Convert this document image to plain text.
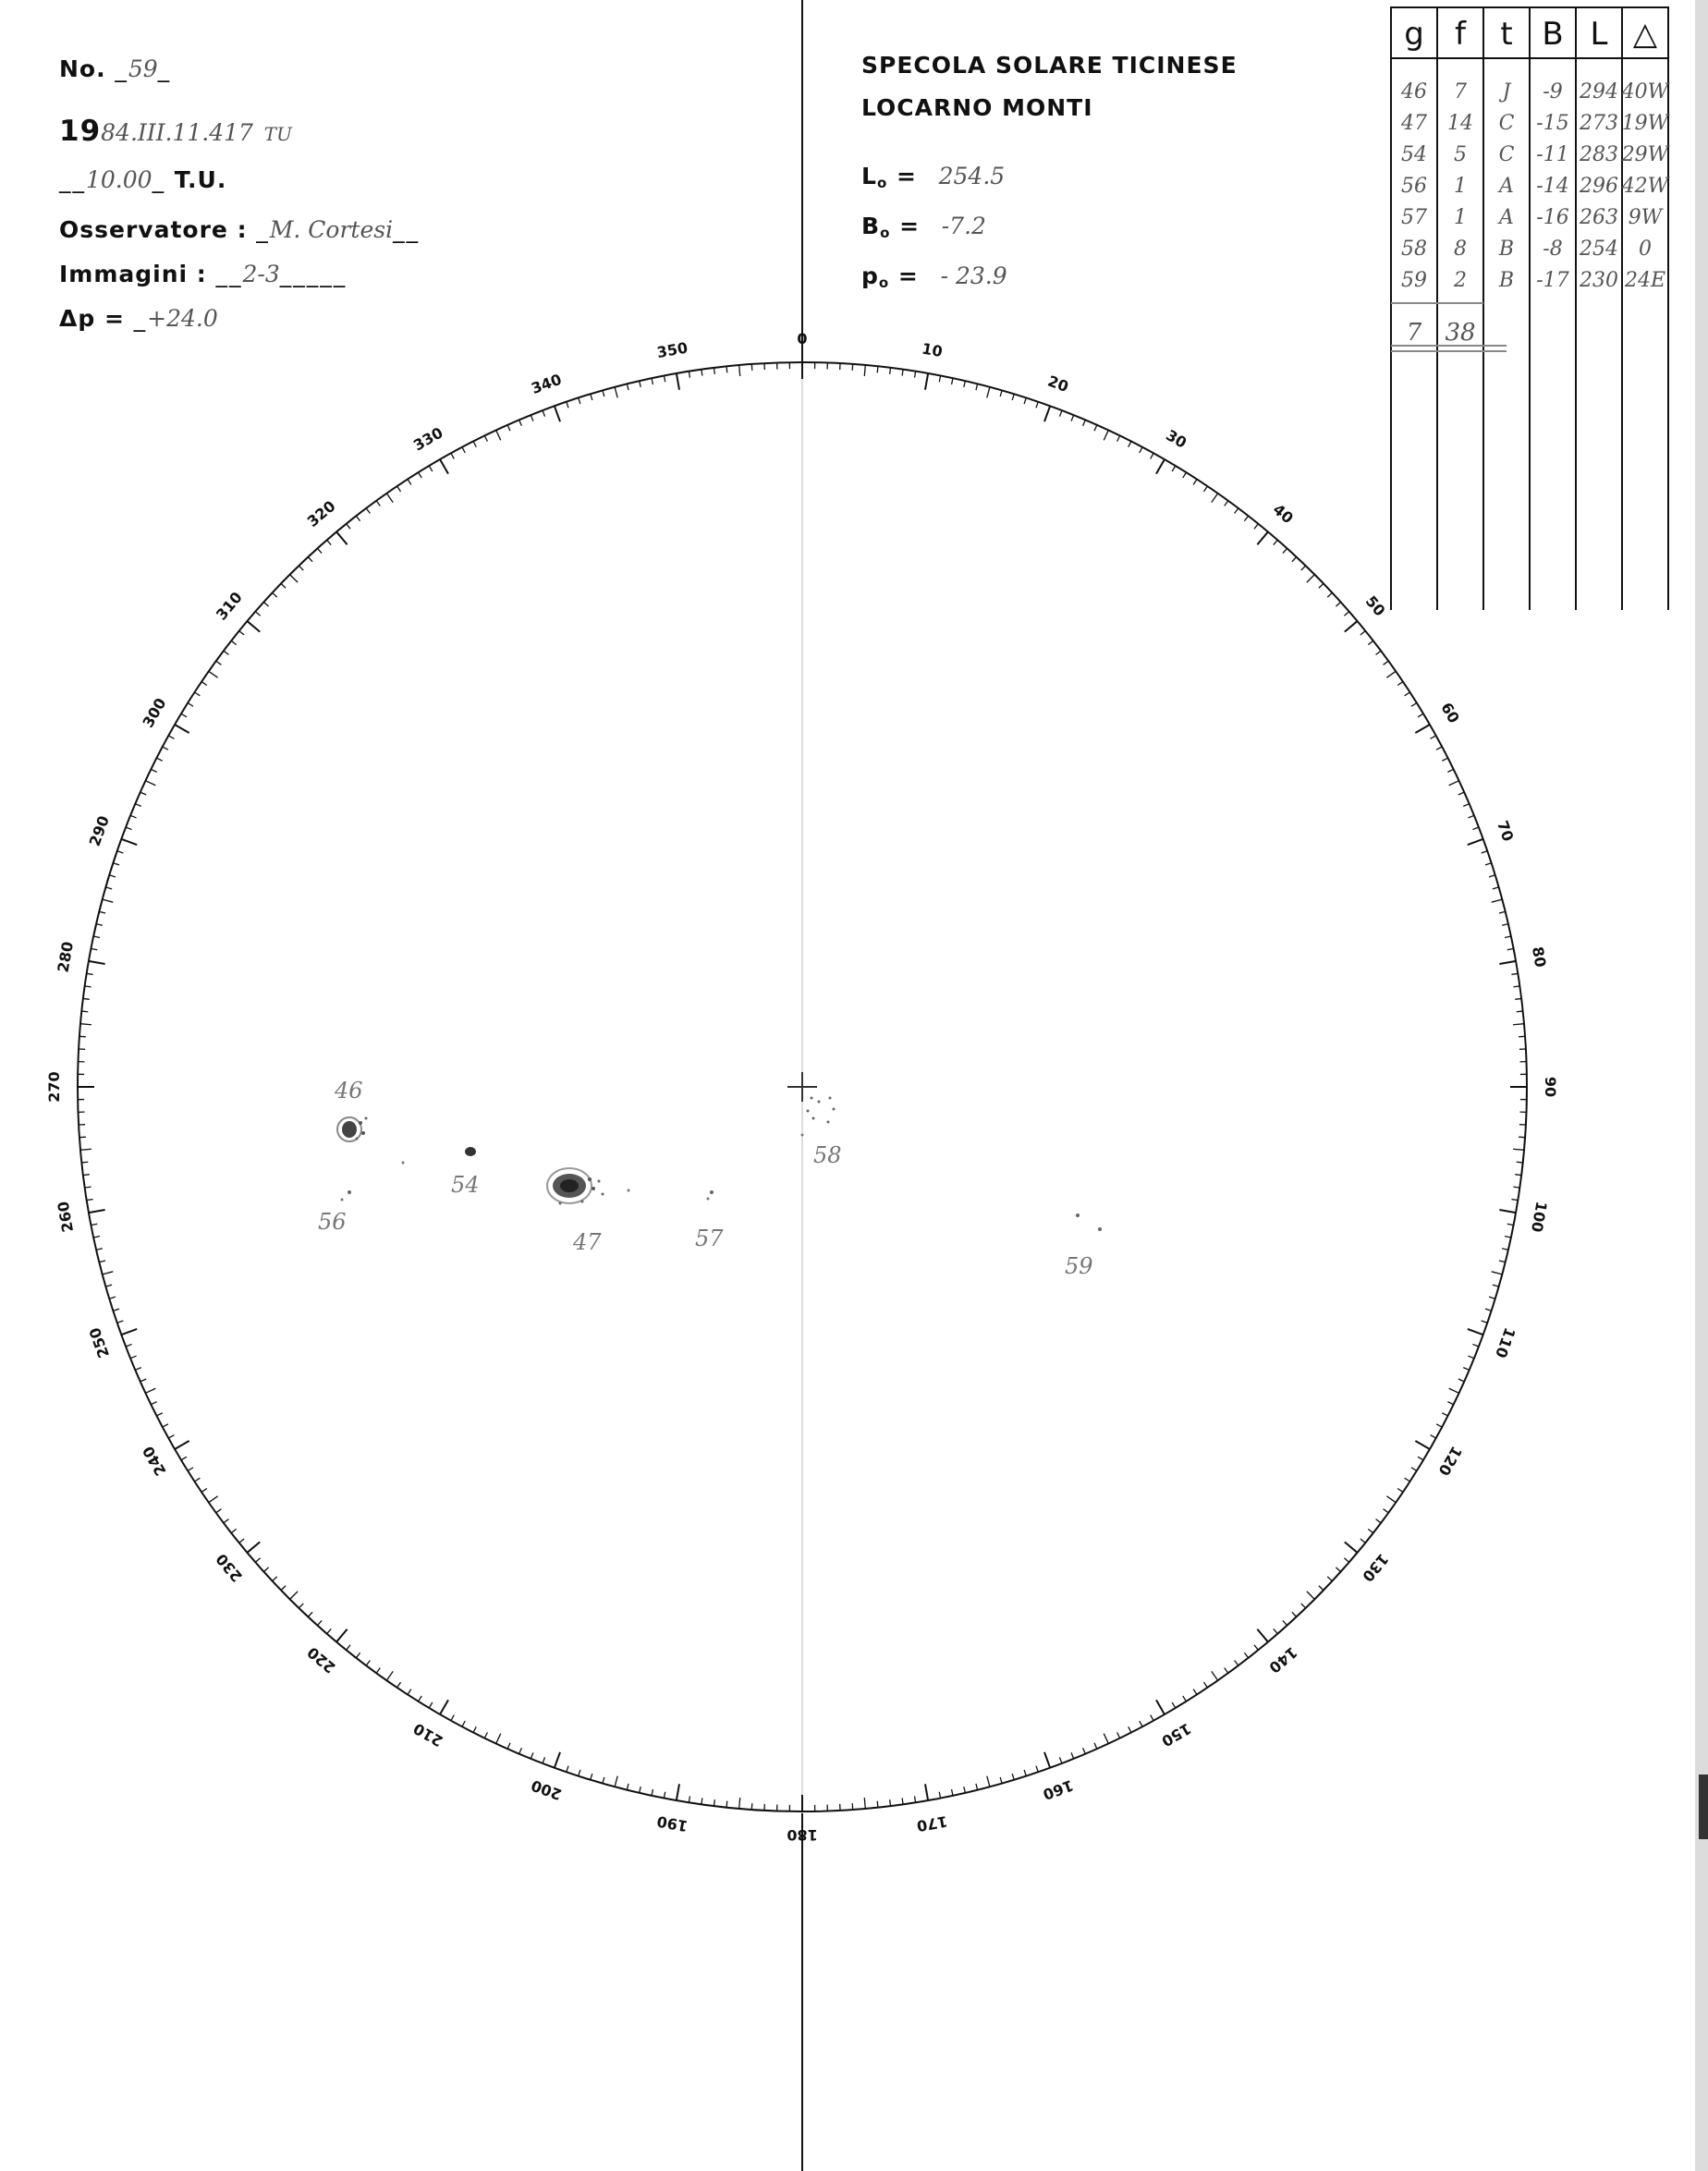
No. _59_
1984.III.11.417 TU
__10.00_ T.U.
Osservatore : _M. Cortesi__
Immagini : __2-3_____
Δp = _+24.0
SPECOLA SOLARE TICINESE
LOCARNO MONTI
$L_o = 254.5$
$B_o = -7.2$
$p_o$ = - 23.9
0
10
20
30
40
50
60
70
80
90
100
110
120
130
140
150
160
170
180
190
200
210
220
230
240
250
260
270
280
290
300
310
320
330
340
350
46
54
56
47	57
58
59
g f t B L △
46 7 J -9 294 40W
47 14 C -15 273 19W
54 5 C -11 283 29W
56 1 A -14 296 42W
57 1 A -16 263 9W
58 8 B -8 254 0
59 2 B -17 230 24E
7 38
